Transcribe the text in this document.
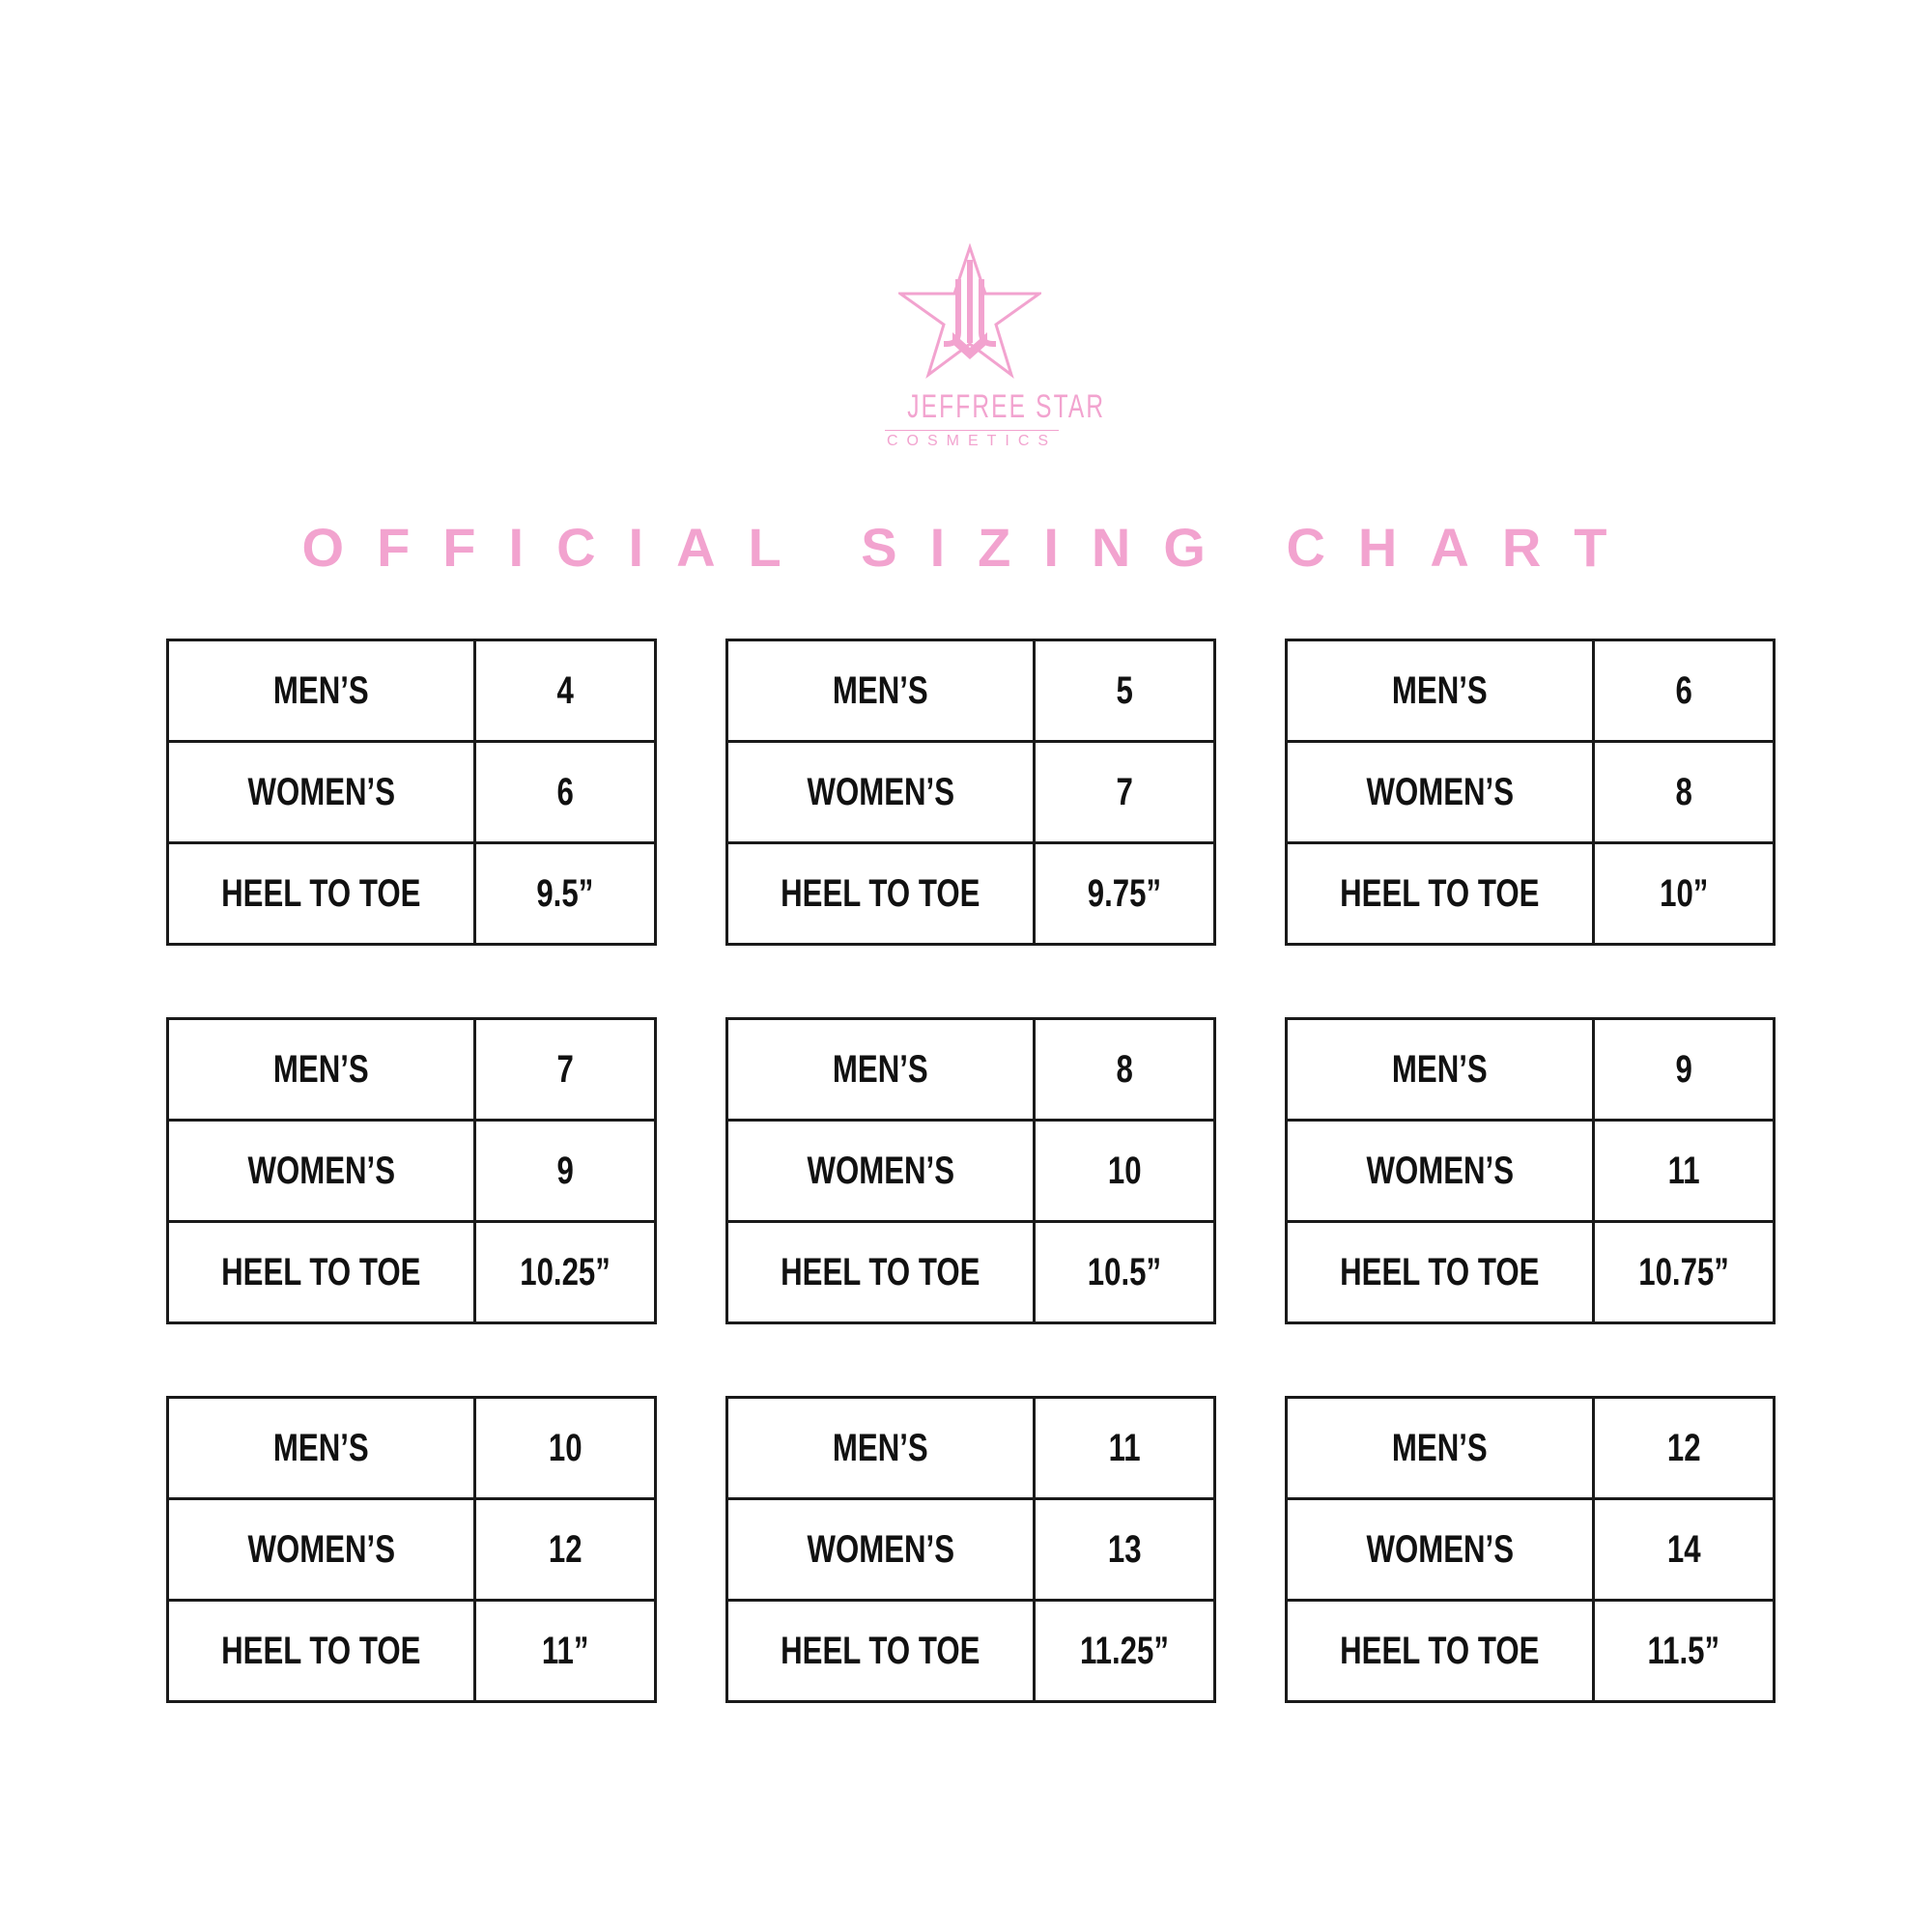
JEFFREE STAR
COSMETICS
OFFICIAL SIZING CHART
MEN’S	4
WOMEN’S	6
HEEL TO TOE	9.5”
MEN’S	5
WOMEN’S	7
HEEL TO TOE	9.75”
MEN’S	6
WOMEN’S	8
HEEL TO TOE	10”
MEN’S	7
WOMEN’S	9
HEEL TO TOE	10.25”
MEN’S	8
WOMEN’S	10
HEEL TO TOE	10.5”
MEN’S	9
WOMEN’S	11
HEEL TO TOE	10.75”
MEN’S	10
WOMEN’S	12
HEEL TO TOE	11”
MEN’S	11
WOMEN’S	13
HEEL TO TOE	11.25”
MEN’S	12
WOMEN’S	14
HEEL TO TOE	11.5”
